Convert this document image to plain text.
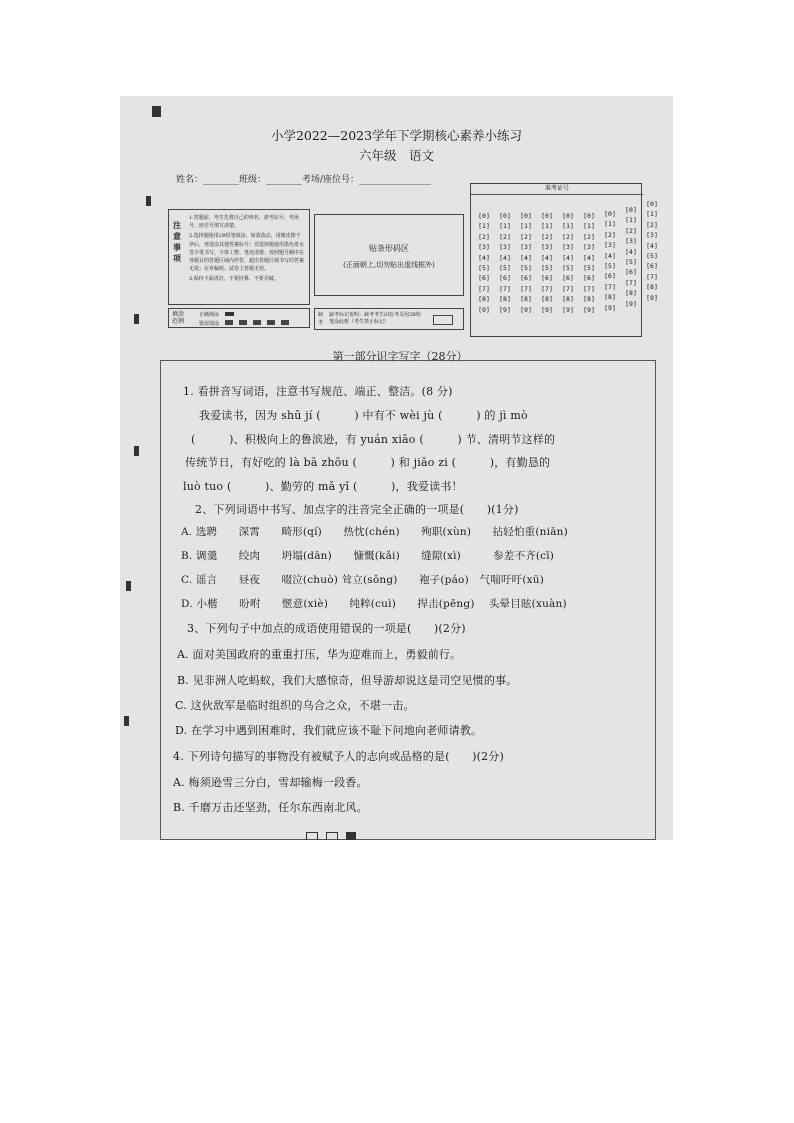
小学2022—2023学年下学期核心素养小练习
六年级　语文
姓名：________班级：________考场/座位号：________________
注意事项
1.答题前，考生先将自己的姓名、准考证号、考场号、座位号填写清楚。
2.选择题使用2B铅笔填涂，如需改动，用橡皮擦干净后，再选涂其他答案标号；非选择题使用黑色墨水签字笔书写，字体工整、笔迹清楚；按照题号顺序在各题目的答题区域内作答，超出答题区域书写的答案无效；在草稿纸、试卷上答题无效。
3.保持卡面清洁，不要折叠、不要弄破。
填涂范例
正确填涂
错误填涂
贴条形码区
(正面朝上,切勿贴出虚线框外)
缺考
缺考标记说明：缺考考生由监考员用2B铅笔涂此框（考生禁止标记）
准考证号
[0]
[1]
[2]
[3]
[4]
[5]
[6]
[7]
[8]
[9]
[0]
[1]
[2]
[3]
[4]
[5]
[6]
[7]
[8]
[9]
[0]
[1]
[2]
[3]
[4]
[5]
[6]
[7]
[8]
[9]
[0]
[1]
[2]
[3]
[4]
[5]
[6]
[7]
[8]
[9]
[0]
[1]
[2]
[3]
[4]
[5]
[6]
[7]
[8]
[9]
[0]
[1]
[2]
[3]
[4]
[5]
[6]
[7]
[8]
[9]
[0]
[1]
[2]
[3]
[4]
[5]
[6]
[7]
[8]
[9]
[0]
[1]
[2]
[3]
[4]
[5]
[6]
[7]
[8]
[9]
[0]
[1]
[2]
[3]
[4]
[5]
[6]
[7]
[8]
[9]
第一部分识字写字（28分）
1. 看拼音写词语，注意书写规范、端正、整洁。(8 分)
我爱读书，因为 shū jí (　　　) 中有不 wèi jù (　　　) 的 jì mò
(　　　)、积极向上的鲁滨逊，有 yuán xiāo (　　　) 节、清明节这样的
传统节日，有好吃的 là bā zhōu (　　　) 和 jiǎo zi (　　　)，有勤恳的
luò tuo (　　　)、勤劳的 mǎ yǐ (　　　)，我爱读书！
2、下列词语中书写、加点字的注音完全正确的一项是(　　)(1分)
A. 选聘　　深霄　　畸形(qí)　　热忱(chén)　　殉职(xùn)　　拈轻怕重(niān)
B. 调羹　　绞肉　　坍塌(dān)　　慷慨(kǎi)　　缝隙(xì)　　　参差不齐(cī)
C. 谣言　　昼夜　　啜泣(chuò) 耸立(sǒng)　　袍子(páo)　气喘吁吁(xū)
D. 小楷　　吩咐　　惬意(xiè)　　纯粹(cuì)　　捍击(pēng)　 头晕目眩(xuàn)
3、下列句子中加点的成语使用错误的一项是(　　)(2分)
A. 面对美国政府的重重打压，华为迎难而上，勇毅前行。
B. 见非洲人吃蚂蚁，我们大感惊奇，但导游却说这是司空见惯的事。
C. 这伙敌军是临时组织的乌合之众，不堪一击。
D. 在学习中遇到困难时，我们就应该不耻下问地向老师请教。
4. 下列诗句描写的事物没有被赋予人的志向或品格的是(　　)(2分)
A. 梅须逊雪三分白，雪却输梅一段香。
B. 千磨万击还坚劲，任尔东西南北风。
